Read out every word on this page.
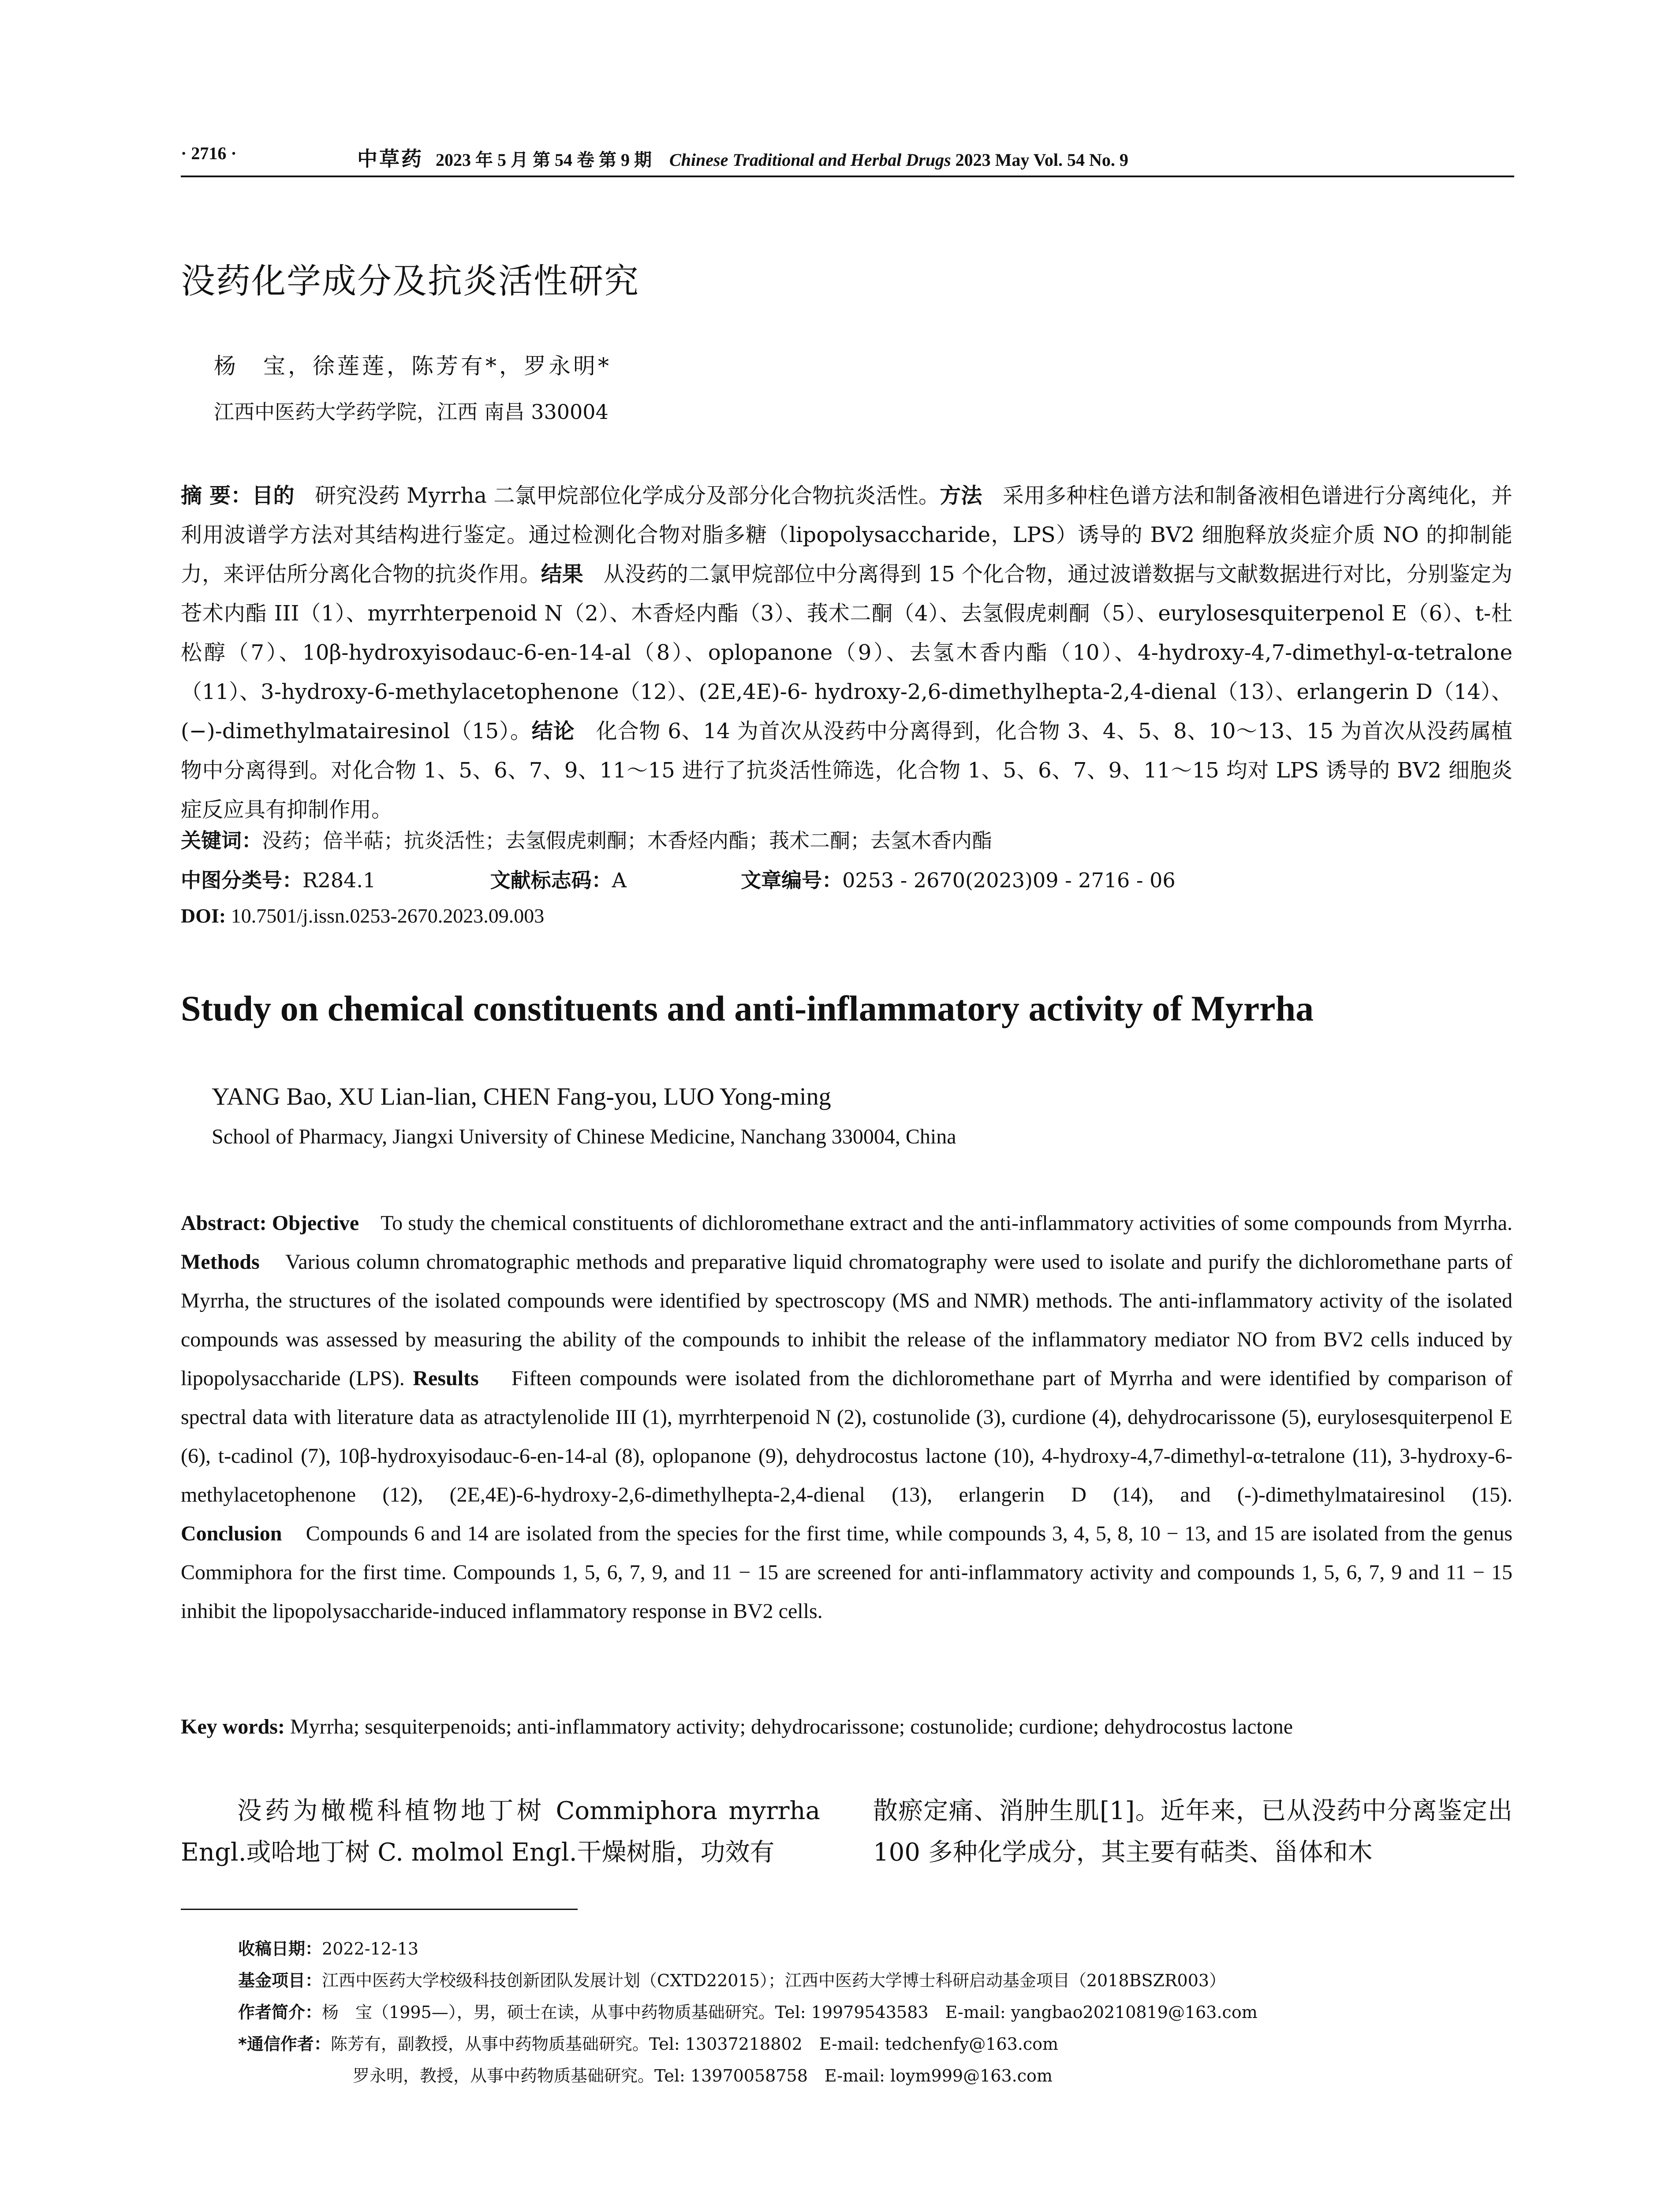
· 2716 ·	中草药 2023 年 5 月 第 54 卷 第 9 期 Chinese Traditional and Herbal Drugs 2023 May Vol. 54 No. 9
没药化学成分及抗炎活性研究
杨　宝，徐莲莲，陈芳有*，罗永明*
江西中医药大学药学院，江西 南昌 330004
摘 要：目的 研究没药 Myrrha 二氯甲烷部位化学成分及部分化合物抗炎活性。方法 采用多种柱色谱方法和制备液相色谱进行分离纯化，并利用波谱学方法对其结构进行鉴定。通过检测化合物对脂多糖（lipopolysaccharide，LPS）诱导的 BV2 细胞释放炎症介质 NO 的抑制能力，来评估所分离化合物的抗炎作用。结果 从没药的二氯甲烷部位中分离得到 15 个化合物，通过波谱数据与文献数据进行对比，分别鉴定为苍术内酯 III（1）、myrrhterpenoid N（2）、木香烃内酯（3）、莪术二酮（4）、去氢假虎刺酮（5）、eurylosesquiterpenol E（6）、t-杜松醇（7）、10β-hydroxyisodauc-6-en-14-al（8）、oplopanone（9）、去氢木香内酯（10）、4-hydroxy-4,7-dimethyl-α-tetralone（11）、3-hydroxy-6-methylacetophenone（12）、(2E,4E)-6- hydroxy-2,6-dimethylhepta-2,4-dienal（13）、erlangerin D（14）、(−)-dimethylmatairesinol（15）。结论 化合物 6、14 为首次从没药中分离得到，化合物 3、4、5、8、10～13、15 为首次从没药属植物中分离得到。对化合物 1、5、6、7、9、11～15 进行了抗炎活性筛选，化合物 1、5、6、7、9、11～15 均对 LPS 诱导的 BV2 细胞炎症反应具有抑制作用。
关键词：没药；倍半萜；抗炎活性；去氢假虎刺酮；木香烃内酯；莪术二酮；去氢木香内酯
中图分类号：R284.1	文献标志码：A	文章编号：0253 - 2670(2023)09 - 2716 - 06
DOI: 10.7501/j.issn.0253-2670.2023.09.003
Study on chemical constituents and anti-inflammatory activity of Myrrha
YANG Bao, XU Lian-lian, CHEN Fang-you, LUO Yong-ming
School of Pharmacy, Jiangxi University of Chinese Medicine, Nanchang 330004, China
Abstract: Objective To study the chemical constituents of dichloromethane extract and the anti-inflammatory activities of some compounds from Myrrha. Methods Various column chromatographic methods and preparative liquid chromatography were used to isolate and purify the dichloromethane parts of Myrrha, the structures of the isolated compounds were identified by spectroscopy (MS and NMR) methods. The anti-inflammatory activity of the isolated compounds was assessed by measuring the ability of the compounds to inhibit the release of the inflammatory mediator NO from BV2 cells induced by lipopolysaccharide (LPS). Results Fifteen compounds were isolated from the dichloromethane part of Myrrha and were identified by comparison of spectral data with literature data as atractylenolide III (1), myrrhterpenoid N (2), costunolide (3), curdione (4), dehydrocarissone (5), eurylosesquiterpenol E (6), t-cadinol (7), 10β-hydroxyisodauc-6-en-14-al (8), oplopanone (9), dehydrocostus lactone (10), 4-hydroxy-4,7-dimethyl-α-tetralone (11), 3-hydroxy-6-methylacetophenone (12), (2E,4E)-6-hydroxy-2,6-dimethylhepta-2,4-dienal (13), erlangerin D (14), and (-)-dimethylmatairesinol (15). Conclusion Compounds 6 and 14 are isolated from the species for the first time, while compounds 3, 4, 5, 8, 10 − 13, and 15 are isolated from the genus Commiphora for the first time. Compounds 1, 5, 6, 7, 9, and 11 − 15 are screened for anti-inflammatory activity and compounds 1, 5, 6, 7, 9 and 11 − 15 inhibit the lipopolysaccharide-induced inflammatory response in BV2 cells.
Key words: Myrrha; sesquiterpenoids; anti-inflammatory activity; dehydrocarissone; costunolide; curdione; dehydrocostus lactone
没药为橄榄科植物地丁树 Commiphora myrrha Engl.或哈地丁树 C. molmol Engl.干燥树脂，功效有
散瘀定痛、消肿生肌[1]。近年来，已从没药中分离鉴定出 100 多种化学成分，其主要有萜类、甾体和木
收稿日期：2022-12-13
基金项目：江西中医药大学校级科技创新团队发展计划（CXTD22015）；江西中医药大学博士科研启动基金项目（2018BSZR003）
作者简介：杨　宝（1995—），男，硕士在读，从事中药物质基础研究。Tel: 19979543583　E-mail: yangbao20210819@163.com
*通信作者：陈芳有，副教授，从事中药物质基础研究。Tel: 13037218802　E-mail: tedchenfy@163.com
罗永明，教授，从事中药物质基础研究。Tel: 13970058758　E-mail: loym999@163.com
